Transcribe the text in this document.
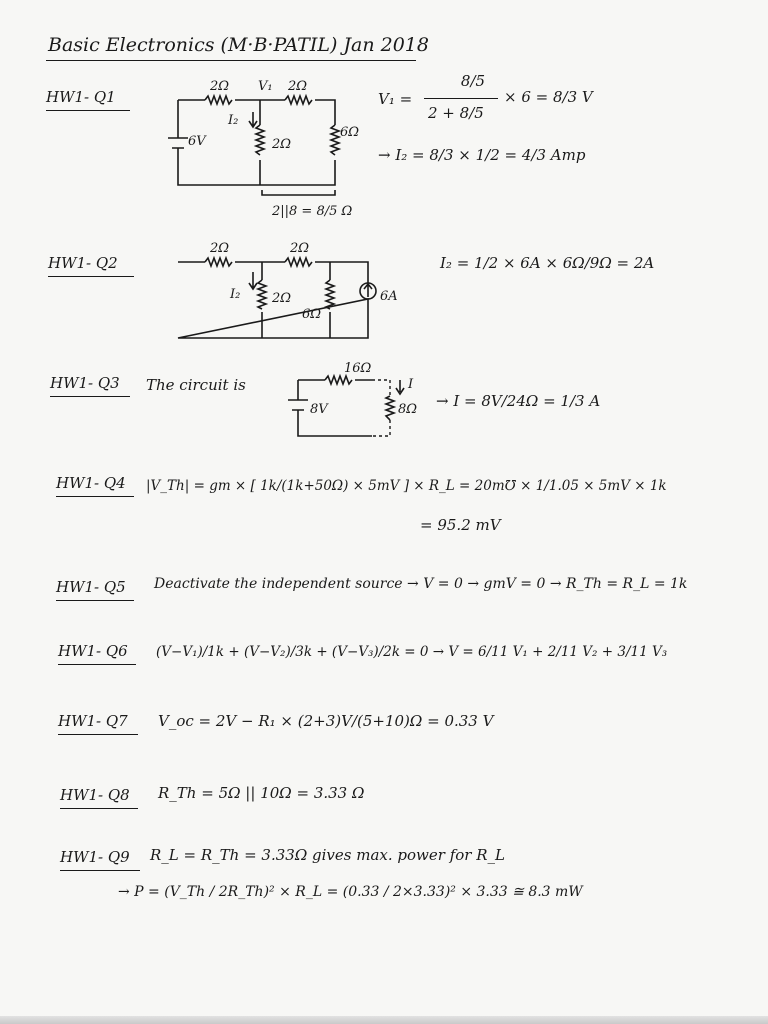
Basic Electronics (M·B·PATIL) Jan 2018
HW1- Q1
HW1- Q2
HW1- Q3
HW1- Q4
HW1- Q5
HW1- Q6
HW1- Q7
HW1- Q8
HW1- Q9
2Ω V₁ 2Ω
6V
I₂
2Ω
6Ω
2||8 = 8/5 Ω
2Ω	2Ω
I₂ 2Ω
6Ω
6A
16Ω
8V	8Ω
I
V₁ =
8/5
2 + 8/5
× 6 = 8/3 V
→ I₂ = 8/3 × 1/2 = 4/3 Amp
I₂ = 1/2 × 6A × 6Ω/9Ω = 2A
The circuit is
→ I = 8V/24Ω = 1/3 A
|V_Th| = gm × [ 1k/(1k+50Ω) × 5mV ] × R_L = 20m℧ × 1/1.05 × 5mV × 1k
= 95.2 mV
Deactivate the independent source → V = 0 → gmV = 0 → R_Th = R_L = 1k
(V−V₁)/1k + (V−V₂)/3k + (V−V₃)/2k = 0 → V = 6/11 V₁ + 2/11 V₂ + 3/11 V₃
V_oc = 2V − R₁ × (2+3)V/(5+10)Ω = 0.33 V
R_Th = 5Ω || 10Ω = 3.33 Ω
R_L = R_Th = 3.33Ω gives max. power for R_L
→ P = (V_Th / 2R_Th)² × R_L = (0.33 / 2×3.33)² × 3.33 ≅ 8.3 mW
